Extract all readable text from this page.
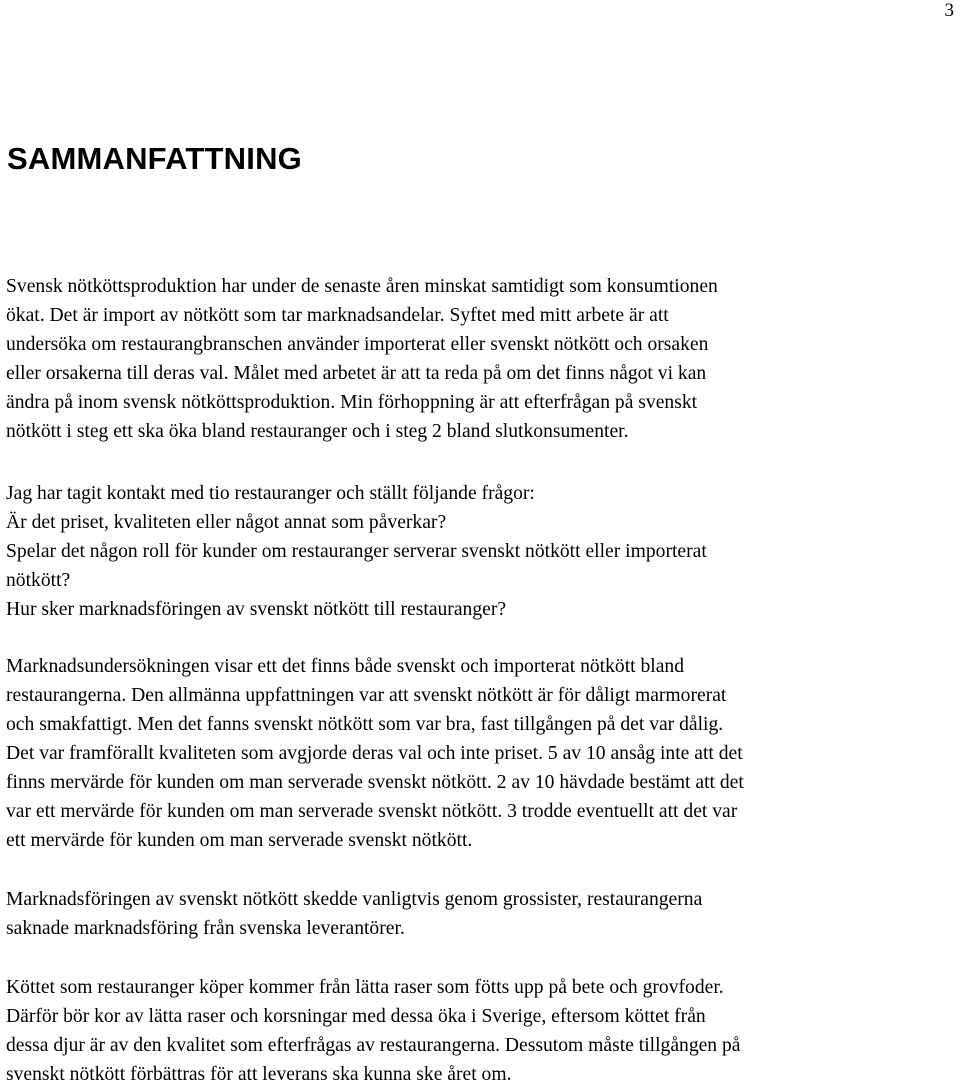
3
SAMMANFATTNING

Svensk nötköttsproduktion har under de senaste åren minskat samtidigt som konsumtionen
ökat. Det är import av nötkött som tar marknadsandelar. Syftet med mitt arbete är att
undersöka om restaurangbranschen använder importerat eller svenskt nötkött och orsaken
eller orsakerna till deras val. Målet med arbetet är att ta reda på om det finns något vi kan
ändra på inom svensk nötköttsproduktion. Min förhoppning är att efterfrågan på svenskt
nötkött i steg ett ska öka bland restauranger och i steg 2 bland slutkonsumenter.

Jag har tagit kontakt med tio restauranger och ställt följande frågor:
Är det priset, kvaliteten eller något annat som påverkar?
Spelar det någon roll för kunder om restauranger serverar svenskt nötkött eller importerat
nötkött?
Hur sker marknadsföringen av svenskt nötkött till restauranger?

Marknadsundersökningen visar ett det finns både svenskt och importerat nötkött bland
restaurangerna. Den allmänna uppfattningen var att svenskt nötkött är för dåligt marmorerat
och smakfattigt. Men det fanns svenskt nötkött som var bra, fast tillgången på det var dålig.
Det var framförallt kvaliteten som avgjorde deras val och inte priset. 5 av 10 ansåg inte att det
finns mervärde för kunden om man serverade svenskt nötkött. 2 av 10 hävdade bestämt att det
var ett mervärde för kunden om man serverade svenskt nötkött. 3 trodde eventuellt att det var
ett mervärde för kunden om man serverade svenskt nötkött.

Marknadsföringen av svenskt nötkött skedde vanligtvis genom grossister, restaurangerna
saknade marknadsföring från svenska leverantörer.

Köttet som restauranger köper kommer från lätta raser som fötts upp på bete och grovfoder.
Därför bör kor av lätta raser och korsningar med dessa öka i Sverige, eftersom köttet från
dessa djur är av den kvalitet som efterfrågas av restaurangerna. Dessutom måste tillgången på
svenskt nötkött förbättras för att leverans ska kunna ske året om.
